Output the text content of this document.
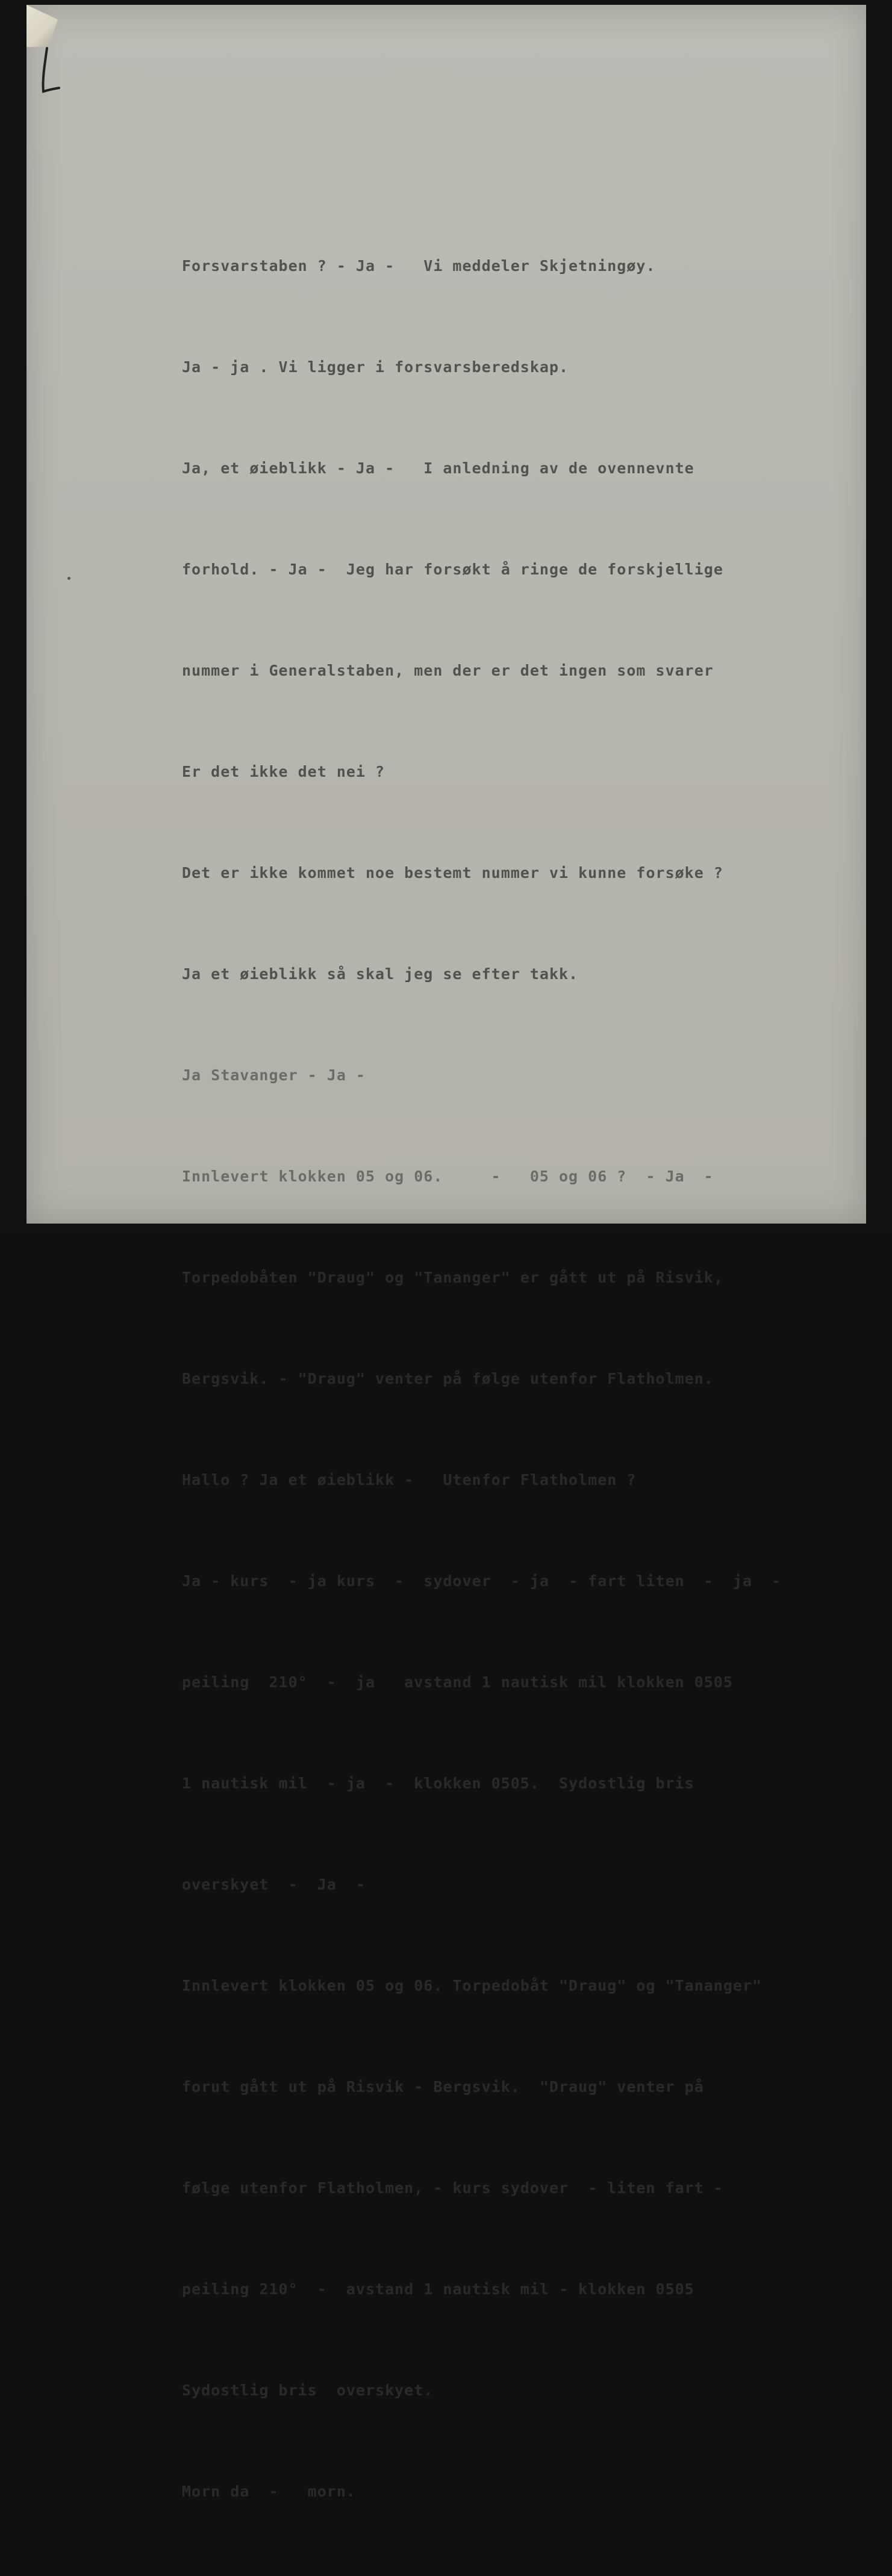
Forsvarstaben ? - Ja -   Vi meddeler Skjetningøy.

Ja - ja . Vi ligger i forsvarsberedskap.

Ja, et øieblikk - Ja -   I anledning av de ovennevnte

forhold. - Ja -  Jeg har forsøkt å ringe de forskjellige

nummer i Generalstaben, men der er det ingen som svarer

Er det ikke det nei ?

Det er ikke kommet noe bestemt nummer vi kunne forsøke ?

Ja et øieblikk så skal jeg se efter takk.

Ja Stavanger - Ja -

Innlevert klokken 05 og 06.     -   05 og 06 ?  - Ja  -

Torpedobåten "Draug" og "Tananger" er gått ut på Risvik,

Bergsvik. - "Draug" venter på følge utenfor Flatholmen.

Hallo ? Ja et øieblikk -   Utenfor Flatholmen ?

Ja - kurs  - ja kurs  -  sydover  - ja  - fart liten  -  ja  -

peiling  210°  -  ja   avstand 1 nautisk mil klokken 0505

1 nautisk mil  - ja  -  klokken 0505.  Sydostlig bris

overskyet  -  Ja  -

Innlevert klokken 05 og 06. Torpedobåt "Draug" og "Tananger"

forut gått ut på Risvik - Bergsvik.  "Draug" venter på

følge utenfor Flatholmen, - kurs sydover  - liten fart -

peiling 210°  -  avstand 1 nautisk mil - klokken 0505

Sydostlig bris  overskyet.

Morn da  -   morn.
